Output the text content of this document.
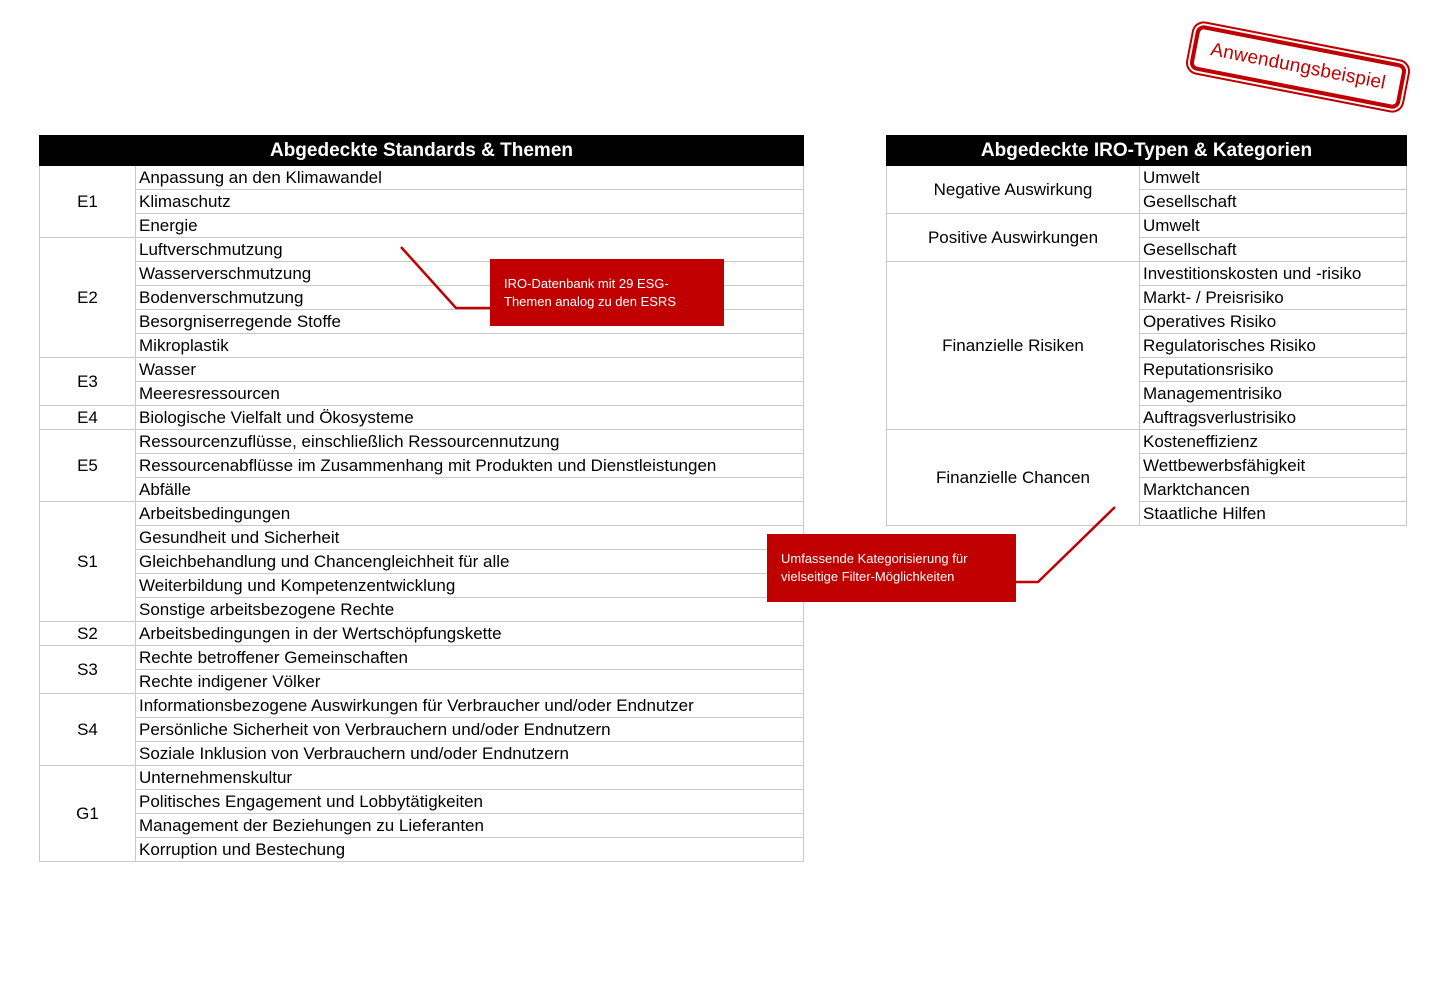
Anwendungsbeispiel
Abgedeckte Standards & Themen	
E1	Anpassung an den Klimawandel
	Klimaschutz
	Energie
E2	Luftverschmutzung
	Wasserverschmutzung
	Bodenverschmutzung
	Besorgniserregende Stoffe
	Mikroplastik
E3	Wasser
	Meeresressourcen
E4	Biologische Vielfalt und Ökosysteme
E5	Ressourcenzuflüsse, einschließlich Ressourcennutzung
	Ressourcenabflüsse im Zusammenhang mit Produkten und Dienstleistungen
	Abfälle
S1	Arbeitsbedingungen
	Gesundheit und Sicherheit
	Gleichbehandlung und Chancengleichheit für alle
	Weiterbildung und Kompetenzentwicklung
	Sonstige arbeitsbezogene Rechte
S2	Arbeitsbedingungen in der Wertschöpfungskette
S3	Rechte betroffener Gemeinschaften
	Rechte indigener Völker
S4	Informationsbezogene Auswirkungen für Verbraucher und/oder Endnutzer
	Persönliche Sicherheit von Verbrauchern und/oder Endnutzern
	Soziale Inklusion von Verbrauchern und/oder Endnutzern
G1	Unternehmenskultur
	Politisches Engagement und Lobbytätigkeiten
	Management der Beziehungen zu Lieferanten
	Korruption und Bestechung
Abgedeckte IRO-Typen & Kategorien	
Negative Auswirkung	Umwelt
	Gesellschaft
Positive Auswirkungen	Umwelt
	Gesellschaft
Finanzielle Risiken	Investitionskosten und -risiko
	Markt- / Preisrisiko
	Operatives Risiko
	Regulatorisches Risiko
	Reputationsrisiko
	Managementrisiko
	Auftragsverlustrisiko
Finanzielle Chancen	Kosteneffizienz
	Wettbewerbsfähigkeit
	Marktchancen
	Staatliche Hilfen
IRO-Datenbank mit 29 ESG-Themen analog zu den ESRS
Umfassende Kategorisierung für vielseitige Filter-Möglichkeiten
